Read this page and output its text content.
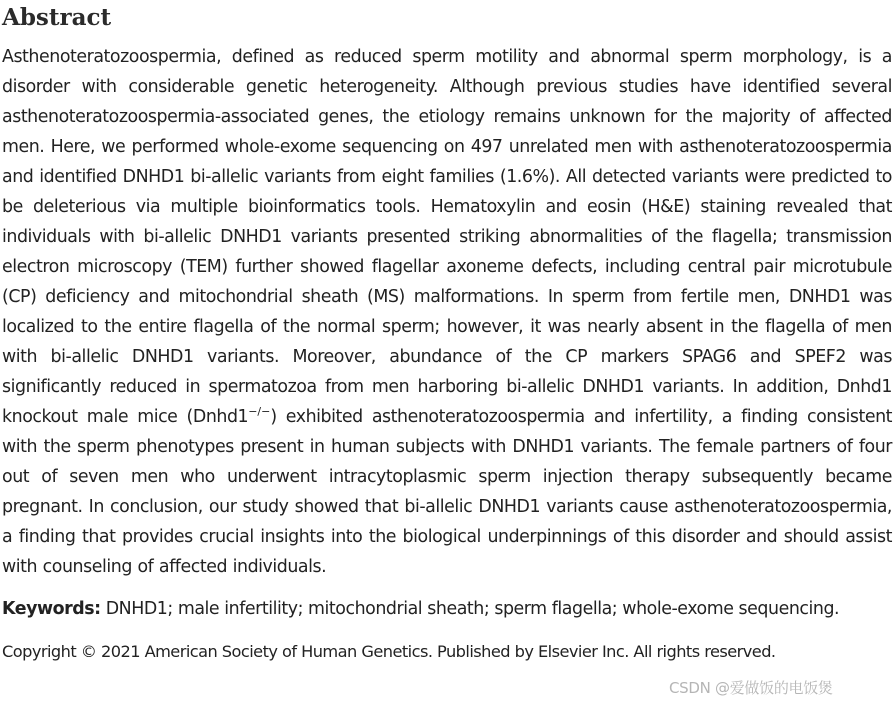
Abstract

Asthenoteratozoospermia, defined as reduced sperm motility and abnormal sperm morphology, is a disorder with considerable genetic heterogeneity. Although previous studies have identified several asthenoteratozoospermia-associated genes, the etiology remains unknown for the majority of affected men. Here, we performed whole-exome sequencing on 497 unrelated men with asthenoteratozoospermia and identified DNHD1 bi-allelic variants from eight families (1.6%). All detected variants were predicted to be deleterious via multiple bioinformatics tools. Hematoxylin and eosin (H&E) staining revealed that individuals with bi-allelic DNHD1 variants presented striking abnormalities of the flagella; transmission electron microscopy (TEM) further showed flagellar axoneme defects, including central pair microtubule (CP) deficiency and mitochondrial sheath (MS) malformations. In sperm from fertile men, DNHD1 was localized to the entire flagella of the normal sperm; however, it was nearly absent in the flagella of men with bi-allelic DNHD1 variants. Moreover, abundance of the CP markers SPAG6 and SPEF2 was significantly reduced in spermatozoa from men harboring bi-allelic DNHD1 variants. In addition, Dnhd1 knockout male mice (Dnhd1−/−) exhibited asthenoteratozoospermia and infertility, a finding consistent with the sperm phenotypes present in human subjects with DNHD1 variants. The female partners of four out of seven men who underwent intracytoplasmic sperm injection therapy subsequently became pregnant. In conclusion, our study showed that bi-allelic DNHD1 variants cause asthenoteratozoospermia, a finding that provides crucial insights into the biological underpinnings of this disorder and should assist with counseling of affected individuals.

Keywords: DNHD1; male infertility; mitochondrial sheath; sperm flagella; whole-exome sequencing.

Copyright © 2021 American Society of Human Genetics. Published by Elsevier Inc. All rights reserved.

CSDN @爱做饭的电饭煲
